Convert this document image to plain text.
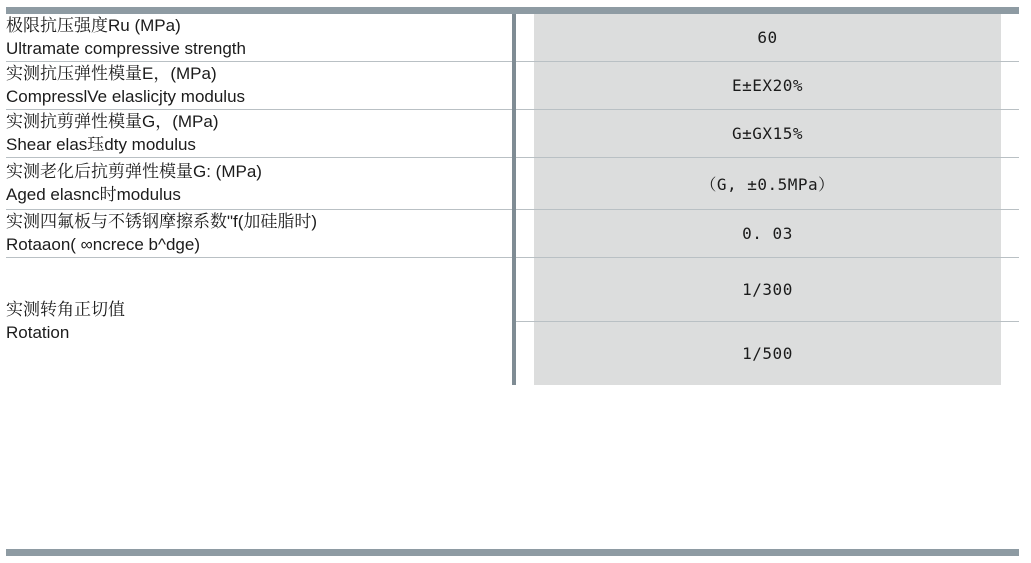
极限抗压强度Ru (MPa)
Ultramate compressive strength	60

实测抗压弹性模量E，(MPa)
CompresslVe elaslicjty modulus	E±EX20%

实测抗剪弹性模量G，(MPa)
Shear elas珏dty modulus	G±GX15%

实测老化后抗剪弹性模量G: (MPa)
Aged elasnc时modulus	（G, ±0.5MPa）

实测四氟板与不锈钢摩擦系数"f(加硅脂时)
Rotaaon( ∞ncrece b^dge)	0. 03

实测转角正切值
Rotation	1/300

	1/500
